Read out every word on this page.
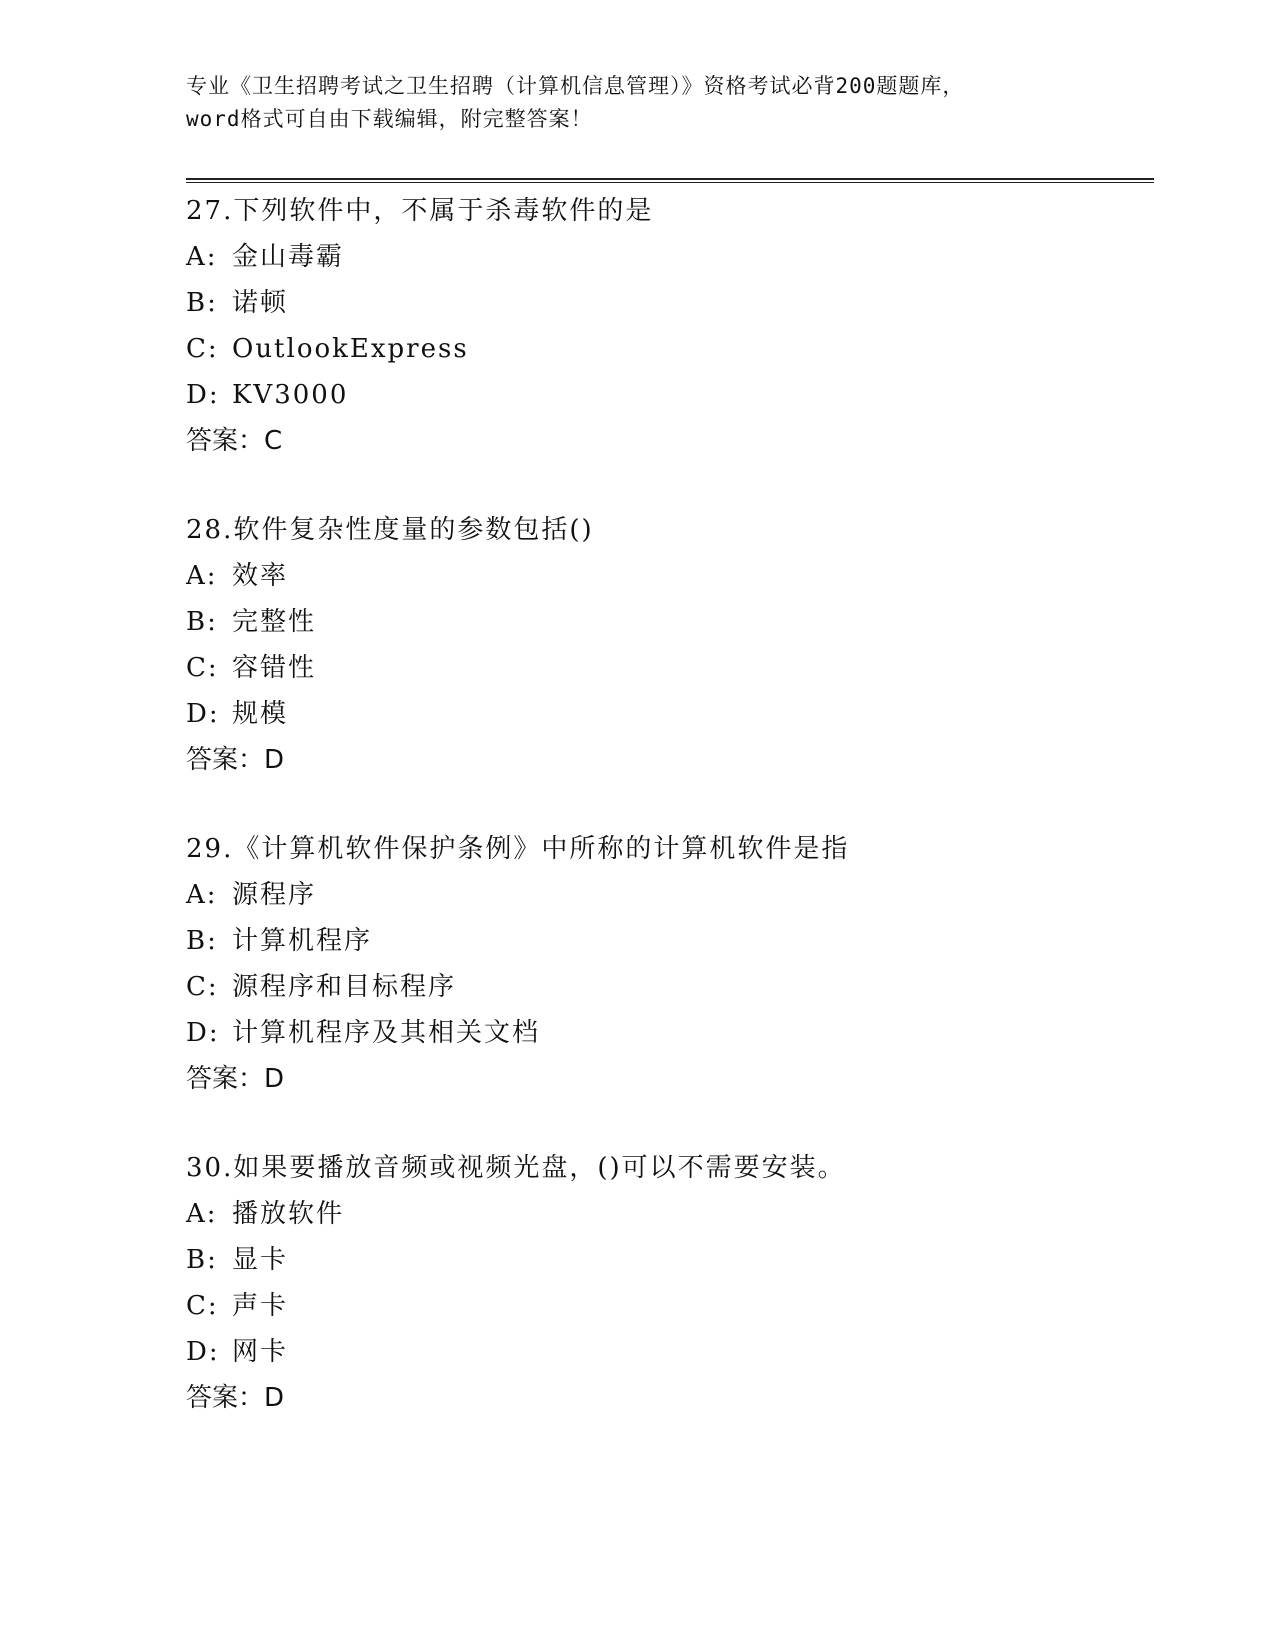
专业《卫生招聘考试之卫生招聘（计算机信息管理）》资格考试必背200题题库，
word格式可自由下载编辑，附完整答案！
27.下列软件中，不属于杀毒软件的是
A: 金山毒霸
B: 诺顿
C: OutlookExpress
D: KV3000
答案：C
28.软件复杂性度量的参数包括()
A: 效率
B: 完整性
C: 容错性
D: 规模
答案：D
29.《计算机软件保护条例》中所称的计算机软件是指
A: 源程序
B: 计算机程序
C: 源程序和目标程序
D: 计算机程序及其相关文档
答案：D
30.如果要播放音频或视频光盘，()可以不需要安装。
A: 播放软件
B: 显卡
C: 声卡
D: 网卡
答案：D
